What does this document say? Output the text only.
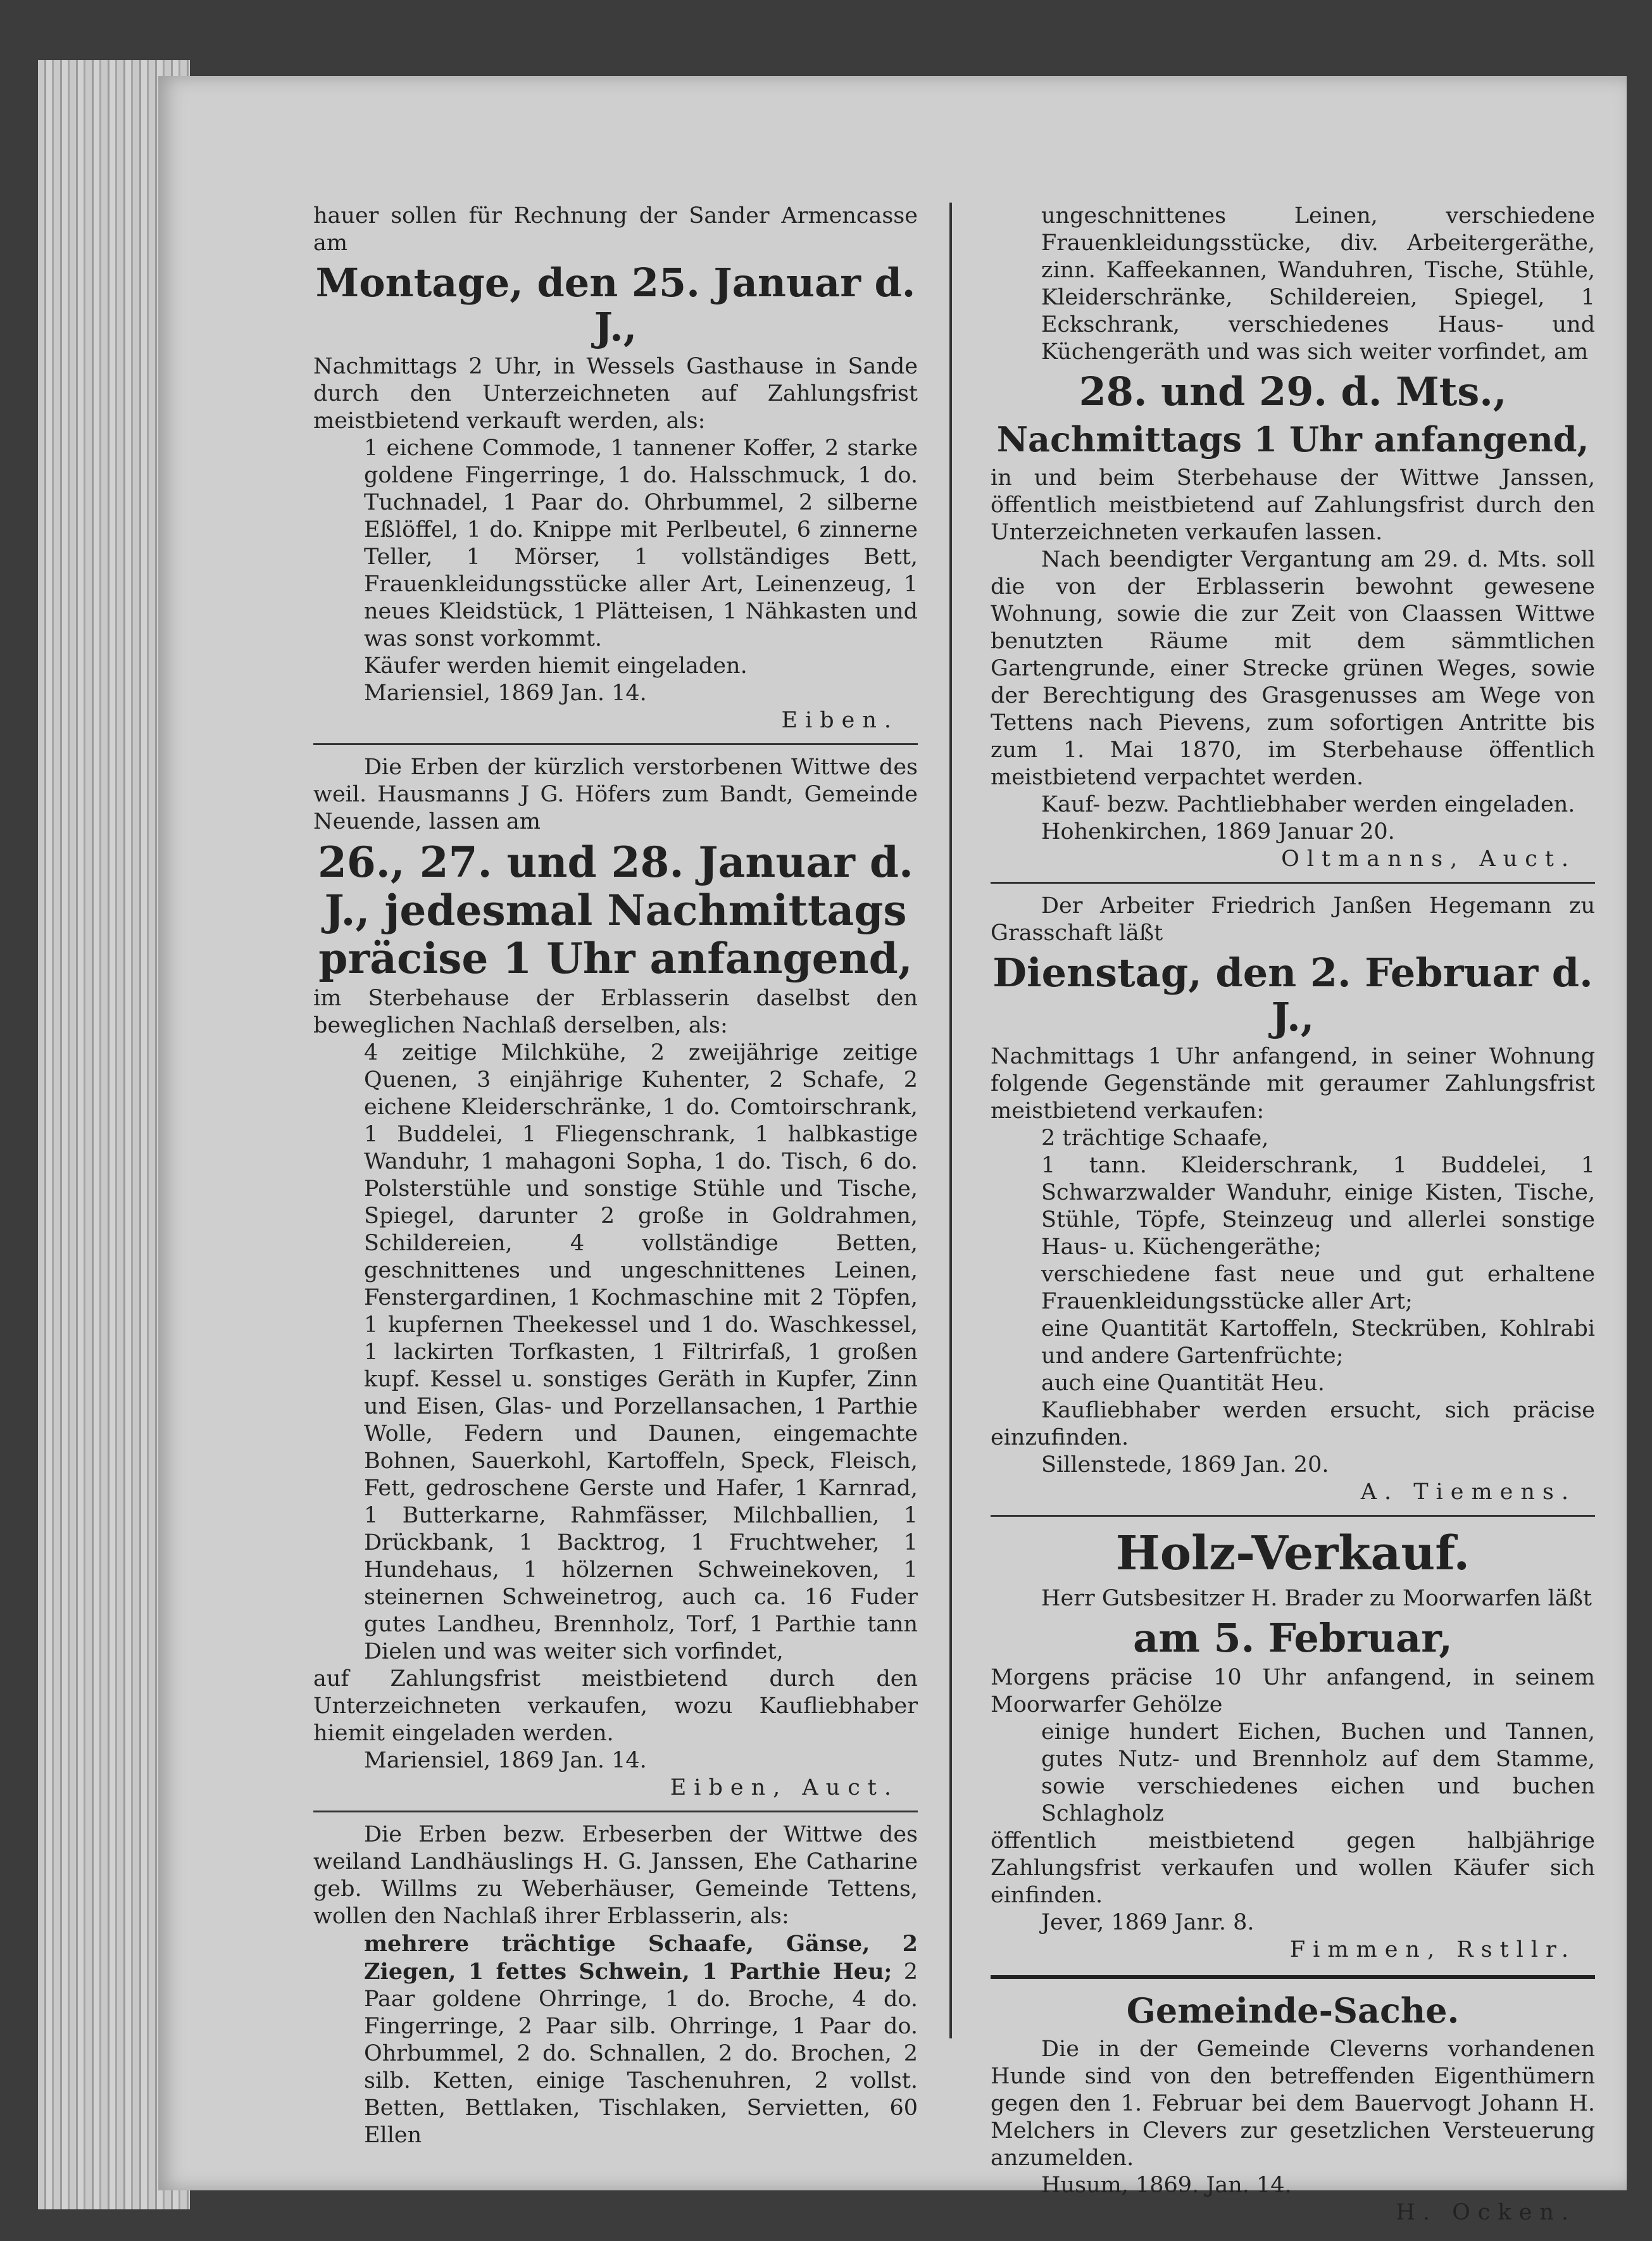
hauer sollen für Rechnung der Sander Armencasse am

Montage, den 25. Januar d. J.,

Nachmittags 2 Uhr, in Wessels Gasthause in Sande durch den Unterzeichneten auf Zahlungsfrist meistbietend verkauft werden, als:

1 eichene Commode, 1 tannener Koffer, 2 starke goldene Fingerringe, 1 do. Halsschmuck, 1 do. Tuchnadel, 1 Paar do. Ohrbummel, 2 silberne Eßlöffel, 1 do. Knippe mit Perlbeutel, 6 zinnerne Teller, 1 Mörser, 1 vollständiges Bett, Frauenkleidungsstücke aller Art, Leinenzeug, 1 neues Kleidstück, 1 Plätteisen, 1 Nähkasten und was sonst vorkommt.

Käufer werden hiemit eingeladen.

Mariensiel, 1869 Jan. 14.

Eiben.

Die Erben der kürzlich verstorbenen Wittwe des weil. Hausmanns J G. Höfers zum Bandt, Gemeinde Neuende, lassen am

26., 27. und 28. Januar d. J., jedesmal Nachmittags präcise 1 Uhr anfangend,

im Sterbehause der Erblasserin daselbst den beweglichen Nachlaß derselben, als:

4 zeitige Milchkühe, 2 zweijährige zeitige Quenen, 3 einjährige Kuhenter, 2 Schafe, 2 eichene Kleiderschränke, 1 do. Comtoirschrank, 1 Buddelei, 1 Fliegenschrank, 1 halbkastige Wanduhr, 1 mahagoni Sopha, 1 do. Tisch, 6 do. Polsterstühle und sonstige Stühle und Tische, Spiegel, darunter 2 große in Goldrahmen, Schildereien, 4 vollständige Betten, geschnittenes und ungeschnittenes Leinen, Fenstergardinen, 1 Kochmaschine mit 2 Töpfen, 1 kupfernen Theekessel und 1 do. Waschkessel, 1 lackirten Torfkasten, 1 Filtrirfaß, 1 großen kupf. Kessel u. sonstiges Geräth in Kupfer, Zinn und Eisen, Glas- und Porzellansachen, 1 Parthie Wolle, Federn und Daunen, eingemachte Bohnen, Sauerkohl, Kartoffeln, Speck, Fleisch, Fett, gedroschene Gerste und Hafer, 1 Karnrad, 1 Butterkarne, Rahmfässer, Milchballien, 1 Drückbank, 1 Backtrog, 1 Fruchtweher, 1 Hundehaus, 1 hölzernen Schweinekoven, 1 steinernen Schweinetrog, auch ca. 16 Fuder gutes Landheu, Brennholz, Torf, 1 Parthie tann Dielen und was weiter sich vorfindet,

auf Zahlungsfrist meistbietend durch den Unterzeichneten verkaufen, wozu Kaufliebhaber hiemit eingeladen werden.

Mariensiel, 1869 Jan. 14.

Eiben, Auct.

Die Erben bezw. Erbeserben der Wittwe des weiland Landhäuslings H. G. Janssen, Ehe Catharine geb. Willms zu Weberhäuser, Gemeinde Tettens, wollen den Nachlaß ihrer Erblasserin, als:

mehrere trächtige Schaafe, Gänse, 2 Ziegen, 1 fettes Schwein, 1 Parthie Heu; 2 Paar goldene Ohrringe, 1 do. Broche, 4 do. Fingerringe, 2 Paar silb. Ohrringe, 1 Paar do. Ohrbummel, 2 do. Schnallen, 2 do. Brochen, 2 silb. Ketten, einige Taschenuhren, 2 vollst. Betten, Bettlaken, Tischlaken, Servietten, 60 Ellen

ungeschnittenes Leinen, verschiedene Frauenkleidungsstücke, div. Arbeitergeräthe, zinn. Kaffeekannen, Wanduhren, Tische, Stühle, Kleiderschränke, Schildereien, Spiegel, 1 Eckschrank, verschiedenes Haus- und Küchengeräth und was sich weiter vorfindet, am

28. und 29. d. Mts.,

Nachmittags 1 Uhr anfangend,

in und beim Sterbehause der Wittwe Janssen, öffentlich meistbietend auf Zahlungsfrist durch den Unterzeichneten verkaufen lassen.

Nach beendigter Vergantung am 29. d. Mts. soll die von der Erblasserin bewohnt gewesene Wohnung, sowie die zur Zeit von Claassen Wittwe benutzten Räume mit dem sämmtlichen Gartengrunde, einer Strecke grünen Weges, sowie der Berechtigung des Grasgenusses am Wege von Tettens nach Pievens, zum sofortigen Antritte bis zum 1. Mai 1870, im Sterbehause öffentlich meistbietend verpachtet werden.

Kauf- bezw. Pachtliebhaber werden eingeladen.

Hohenkirchen, 1869 Januar 20.

Oltmanns, Auct.

Der Arbeiter Friedrich Janßen Hegemann zu Grasschaft läßt

Dienstag, den 2. Februar d. J.,

Nachmittags 1 Uhr anfangend, in seiner Wohnung folgende Gegenstände mit geraumer Zahlungsfrist meistbietend verkaufen:

2 trächtige Schaafe,

1 tann. Kleiderschrank, 1 Buddelei, 1 Schwarzwalder Wanduhr, einige Kisten, Tische, Stühle, Töpfe, Steinzeug und allerlei sonstige Haus- u. Küchengeräthe;

verschiedene fast neue und gut erhaltene Frauenkleidungsstücke aller Art;

eine Quantität Kartoffeln, Steckrüben, Kohlrabi und andere Gartenfrüchte;

auch eine Quantität Heu.

Kaufliebhaber werden ersucht, sich präcise einzufinden.

Sillenstede, 1869 Jan. 20.

A. Tiemens.

Holz-Verkauf.

Herr Gutsbesitzer H. Brader zu Moorwarfen läßt

am 5. Februar,

Morgens präcise 10 Uhr anfangend, in seinem Moorwarfer Gehölze

einige hundert Eichen, Buchen und Tannen, gutes Nutz- und Brennholz auf dem Stamme, sowie verschiedenes eichen und buchen Schlagholz

öffentlich meistbietend gegen halbjährige Zahlungsfrist verkaufen und wollen Käufer sich einfinden.

Jever, 1869 Janr. 8.

Fimmen, Rstllr.

Gemeinde-Sache.

Die in der Gemeinde Cleverns vorhandenen Hunde sind von den betreffenden Eigenthümern gegen den 1. Februar bei dem Bauervogt Johann H. Melchers in Clevers zur gesetzlichen Versteuerung anzumelden.

Husum, 1869. Jan. 14.

H. Ocken.
